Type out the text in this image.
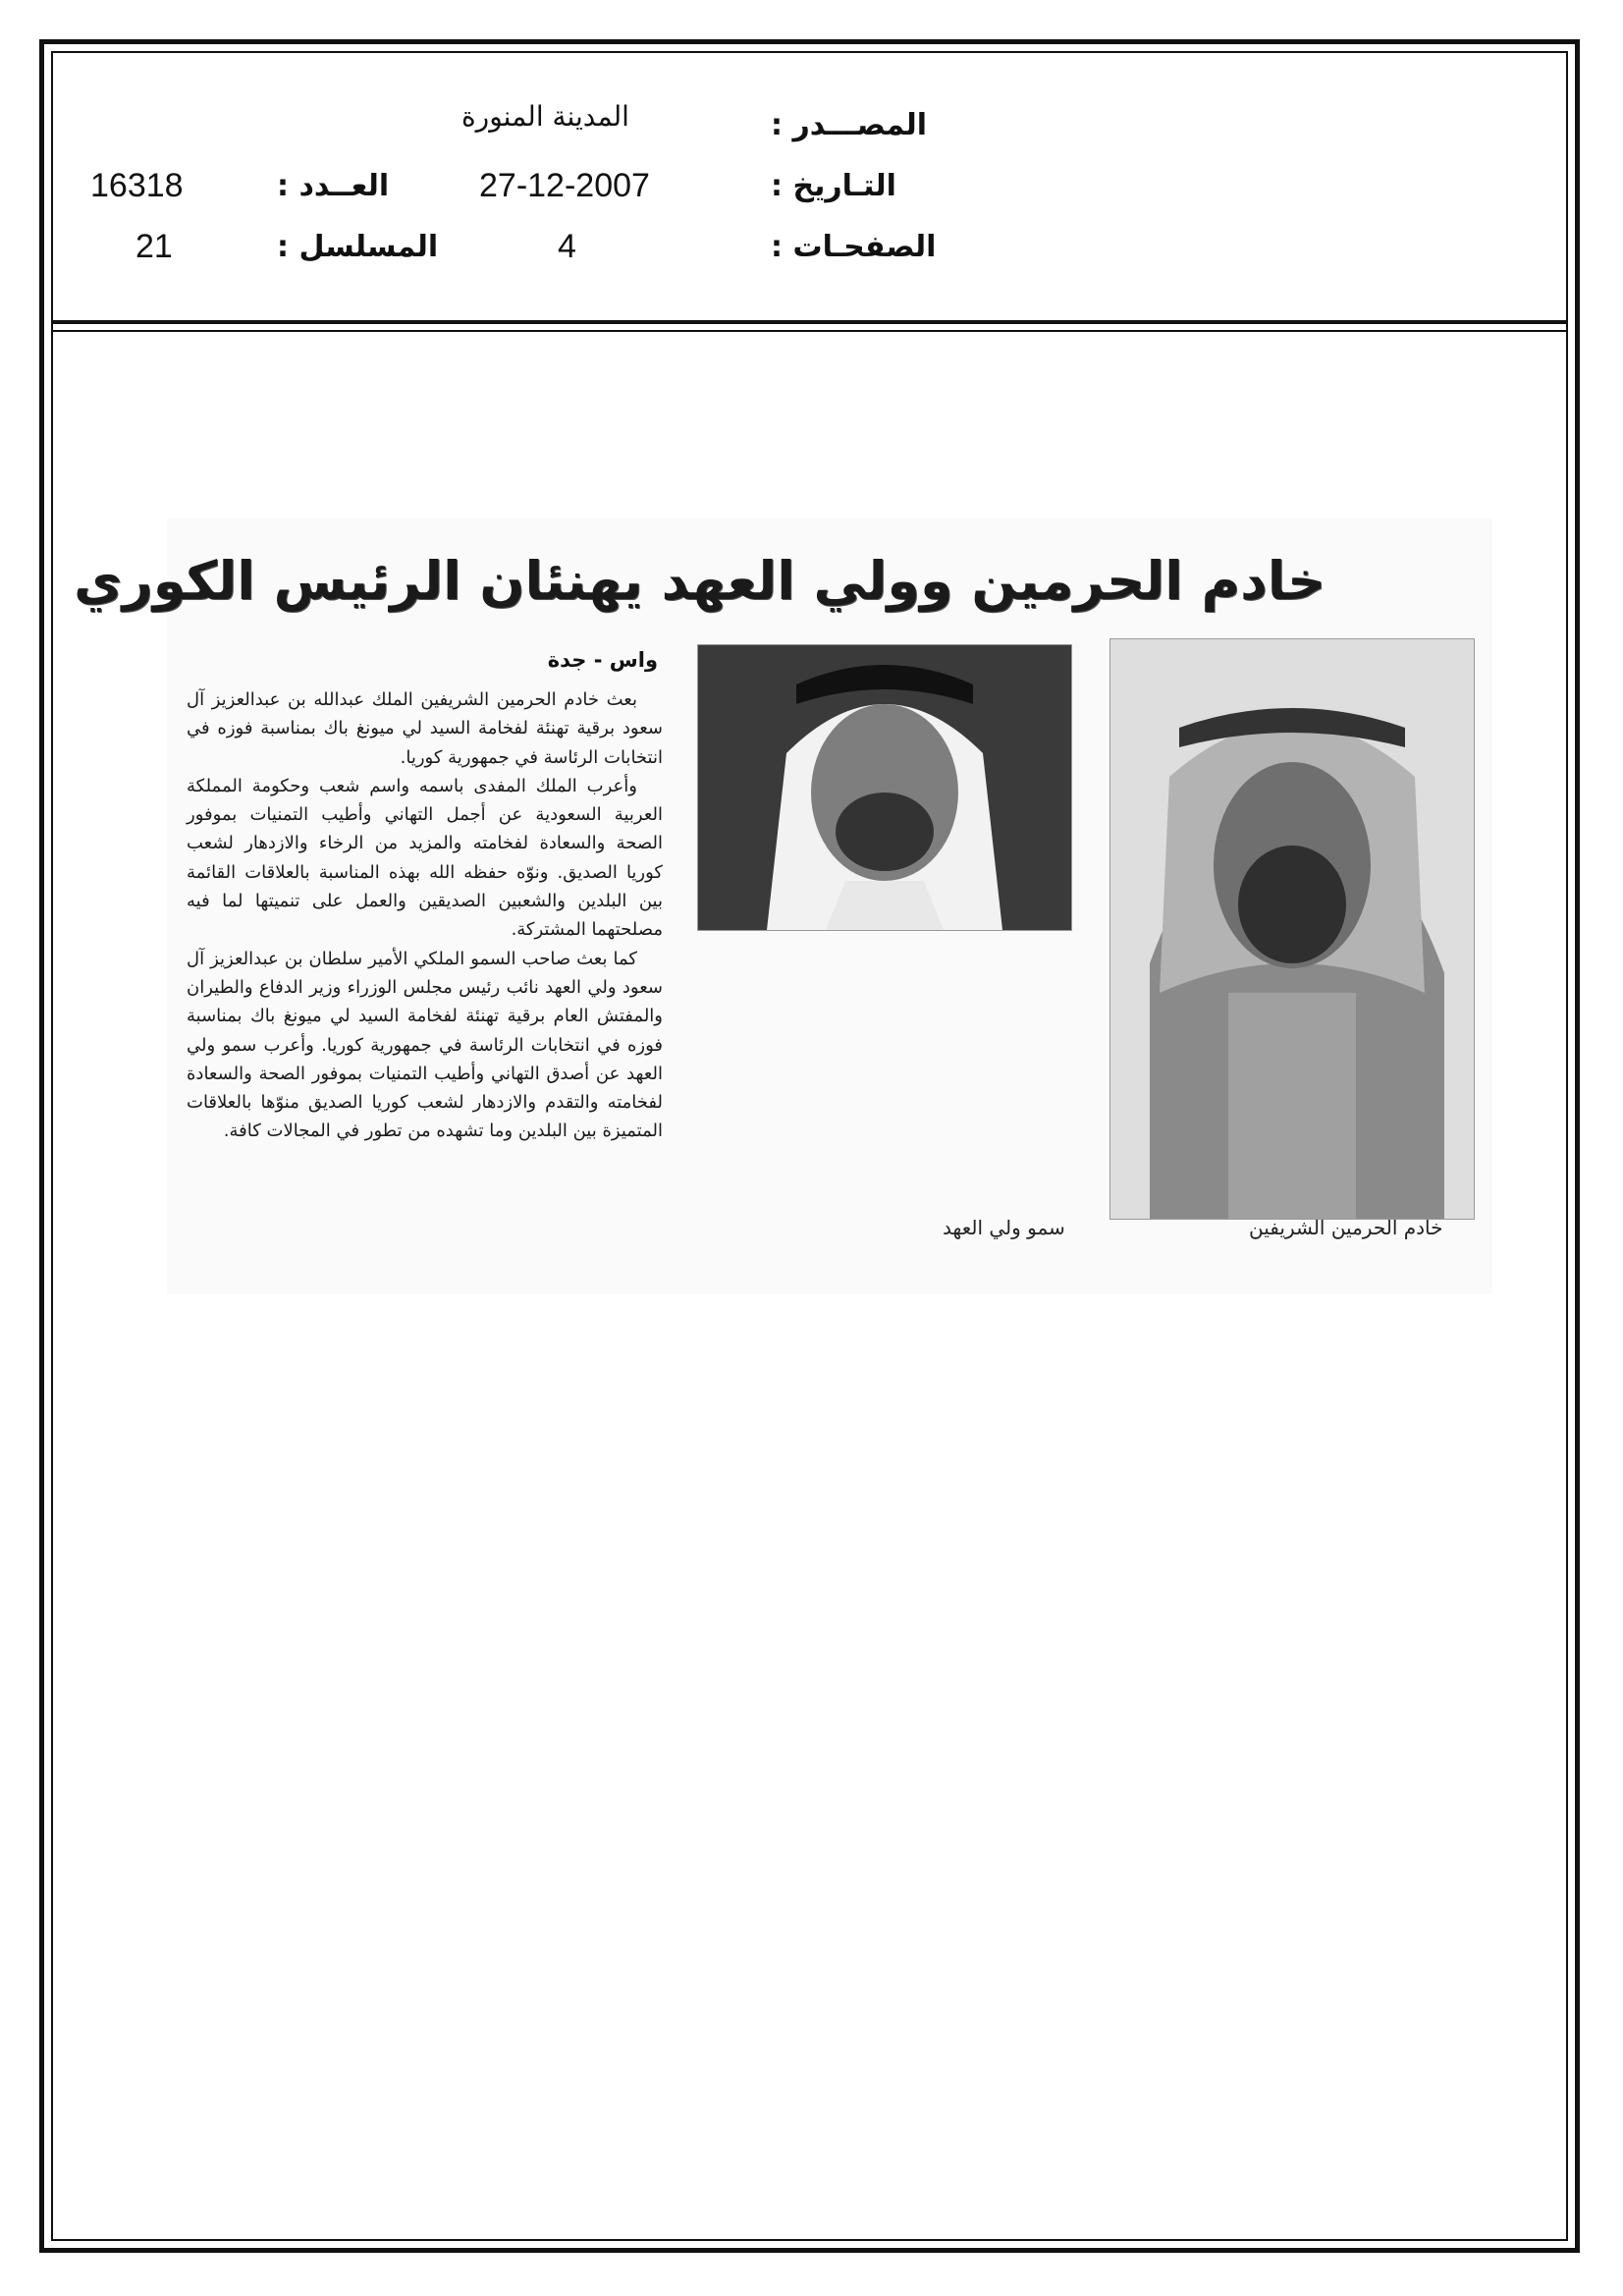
المصـــدر :
المدينة المنورة
التـاريخ :
27-12-2007
العــدد :
16318
الصفحـات :
4
المسلسل :
21
خادم الحرمين وولي العهد يهنئان الرئيس الكوري
سمو ولي العهد	خادم الحرمين الشريفين
واس - جدة

بعث خادم الحرمين الشريفين الملك عبدالله بن عبدالعزيز آل سعود برقية تهنئة لفخامة السيد لي ميونغ باك بمناسبة فوزه في انتخابات الرئاسة في جمهورية كوريا.

وأعرب الملك المفدى باسمه واسم شعب وحكومة المملكة العربية السعودية عن أجمل التهاني وأطيب التمنيات بموفور الصحة والسعادة لفخامته والمزيد من الرخاء والازدهار لشعب كوريا الصديق. ونوّه حفظه الله بهذه المناسبة بالعلاقات القائمة بين البلدين والشعبين الصديقين والعمل على تنميتها لما فيه مصلحتهما المشتركة.

كما بعث صاحب السمو الملكي الأمير سلطان بن عبدالعزيز آل سعود ولي العهد نائب رئيس مجلس الوزراء وزير الدفاع والطيران والمفتش العام برقية تهنئة لفخامة السيد لي ميونغ باك بمناسبة فوزه في انتخابات الرئاسة في جمهورية كوريا. وأعرب سمو ولي العهد عن أصدق التهاني وأطيب التمنيات بموفور الصحة والسعادة لفخامته والتقدم والازدهار لشعب كوريا الصديق منوّها بالعلاقات المتميزة بين البلدين وما تشهده من تطور في المجالات كافة.
